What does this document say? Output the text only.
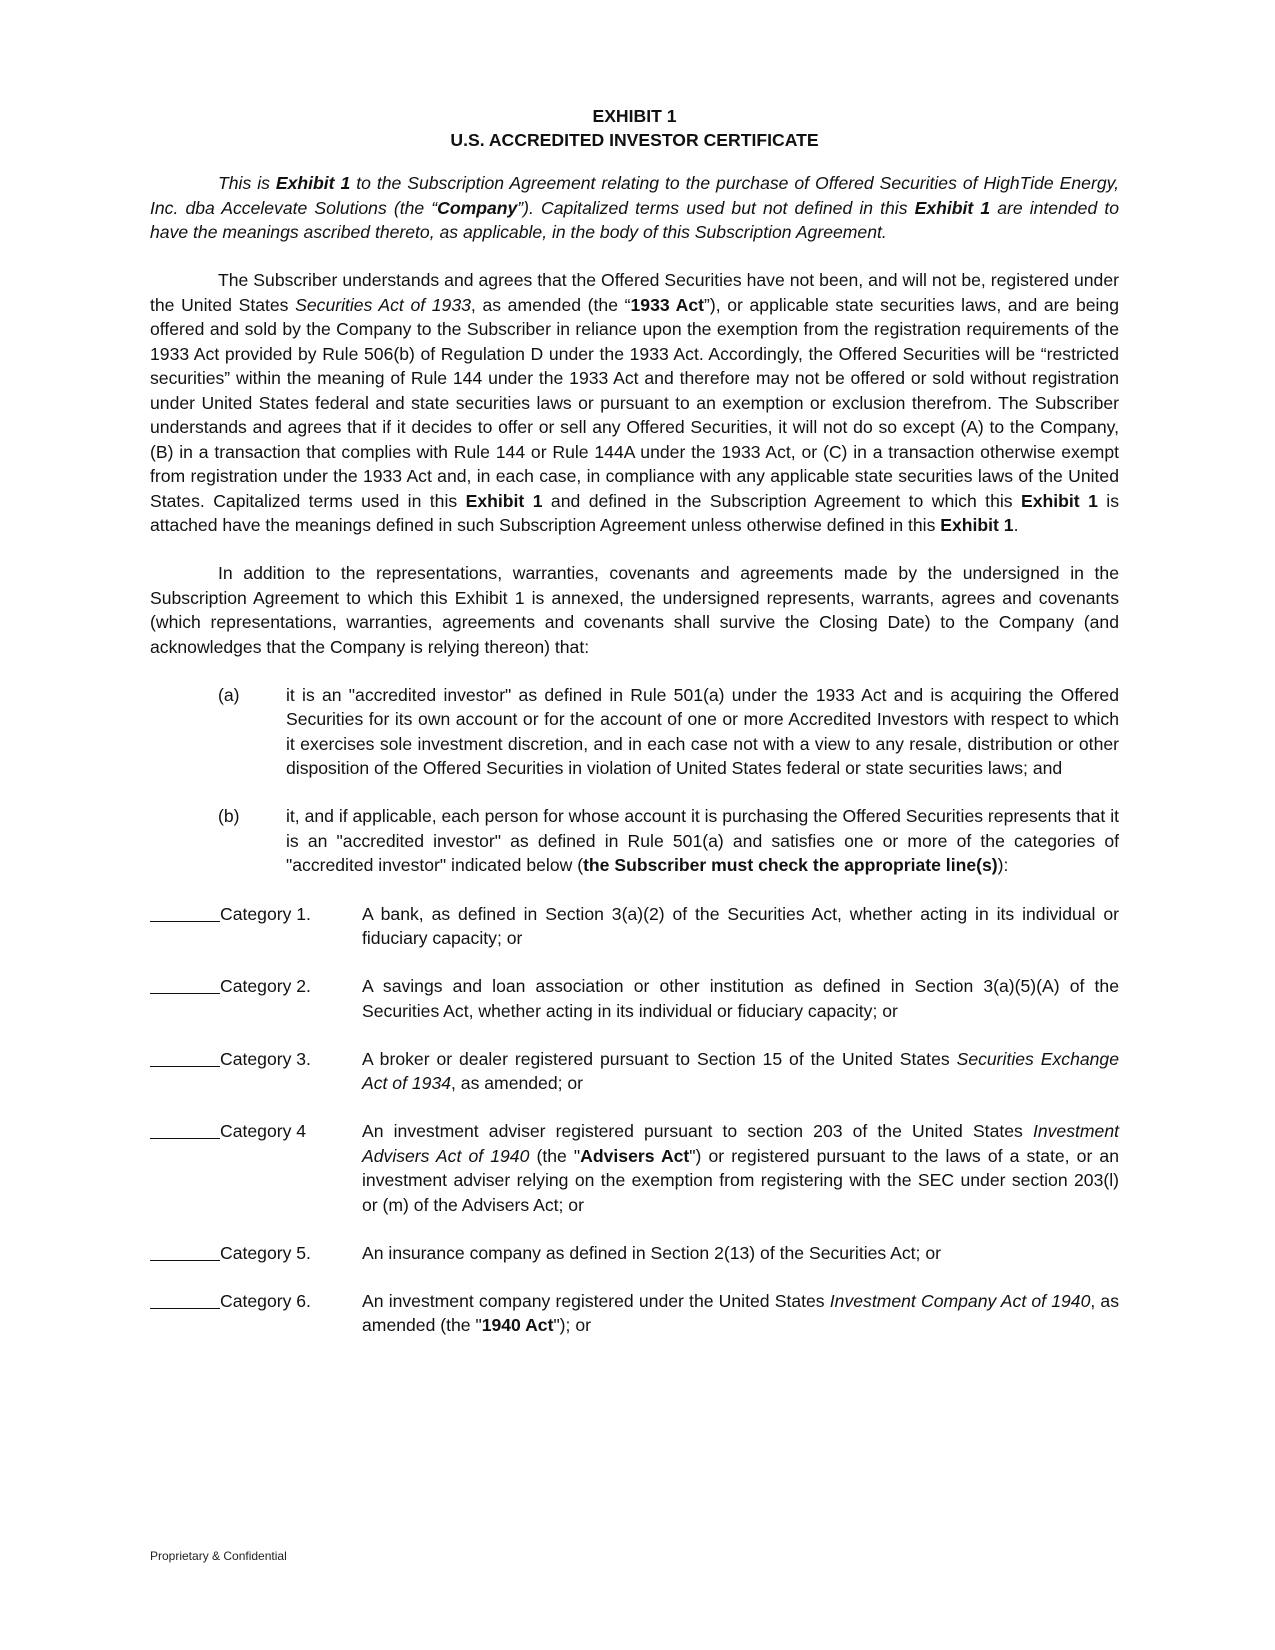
EXHIBIT 1

U.S. ACCREDITED INVESTOR CERTIFICATE

This is Exhibit 1 to the Subscription Agreement relating to the purchase of Offered Securities of HighTide Energy, Inc. dba Accelevate Solutions (the “Company”). Capitalized terms used but not defined in this Exhibit 1 are intended to have the meanings ascribed thereto, as applicable, in the body of this Subscription Agreement.

The Subscriber understands and agrees that the Offered Securities have not been, and will not be, registered under the United States Securities Act of 1933, as amended (the “1933 Act”), or applicable state securities laws, and are being offered and sold by the Company to the Subscriber in reliance upon the exemption from the registration requirements of the 1933 Act provided by Rule 506(b) of Regulation D under the 1933 Act. Accordingly, the Offered Securities will be “restricted securities” within the meaning of Rule 144 under the 1933 Act and therefore may not be offered or sold without registration under United States federal and state securities laws or pursuant to an exemption or exclusion therefrom. The Subscriber understands and agrees that if it decides to offer or sell any Offered Securities, it will not do so except (A) to the Company, (B) in a transaction that complies with Rule 144 or Rule 144A under the 1933 Act, or (C) in a transaction otherwise exempt from registration under the 1933 Act and, in each case, in compliance with any applicable state securities laws of the United States. Capitalized terms used in this Exhibit 1 and defined in the Subscription Agreement to which this Exhibit 1 is attached have the meanings defined in such Subscription Agreement unless otherwise defined in this Exhibit 1.

In addition to the representations, warranties, covenants and agreements made by the undersigned in the Subscription Agreement to which this Exhibit 1 is annexed, the undersigned represents, warrants, agrees and covenants (which representations, warranties, agreements and covenants shall survive the Closing Date) to the Company (and acknowledges that the Company is relying thereon) that:

(a)	it is an "accredited investor" as defined in Rule 501(a) under the 1933 Act and is acquiring the Offered Securities for its own account or for the account of one or more Accredited Investors with respect to which it exercises sole investment discretion, and in each case not with a view to any resale, distribution or other disposition of the Offered Securities in violation of United States federal or state securities laws; and
(b)	it, and if applicable, each person for whose account it is purchasing the Offered Securities represents that it is an "accredited investor" as defined in Rule 501(a) and satisfies one or more of the categories of "accredited investor" indicated below (the Subscriber must check the appropriate line(s)):
Category 1.	A bank, as defined in Section 3(a)(2) of the Securities Act, whether acting in its individual or fiduciary capacity; or
Category 2.	A savings and loan association or other institution as defined in Section 3(a)(5)(A) of the Securities Act, whether acting in its individual or fiduciary capacity; or
Category 3.	A broker or dealer registered pursuant to Section 15 of the United States Securities Exchange Act of 1934, as amended; or
Category 4	An investment adviser registered pursuant to section 203 of the United States Investment Advisers Act of 1940 (the "Advisers Act") or registered pursuant to the laws of a state, or an investment adviser relying on the exemption from registering with the SEC under section 203(l) or (m) of the Advisers Act; or
Category 5.	An insurance company as defined in Section 2(13) of the Securities Act; or
Category 6.	An investment company registered under the United States Investment Company Act of 1940, as amended (the "1940 Act"); or
Proprietary & Confidential
